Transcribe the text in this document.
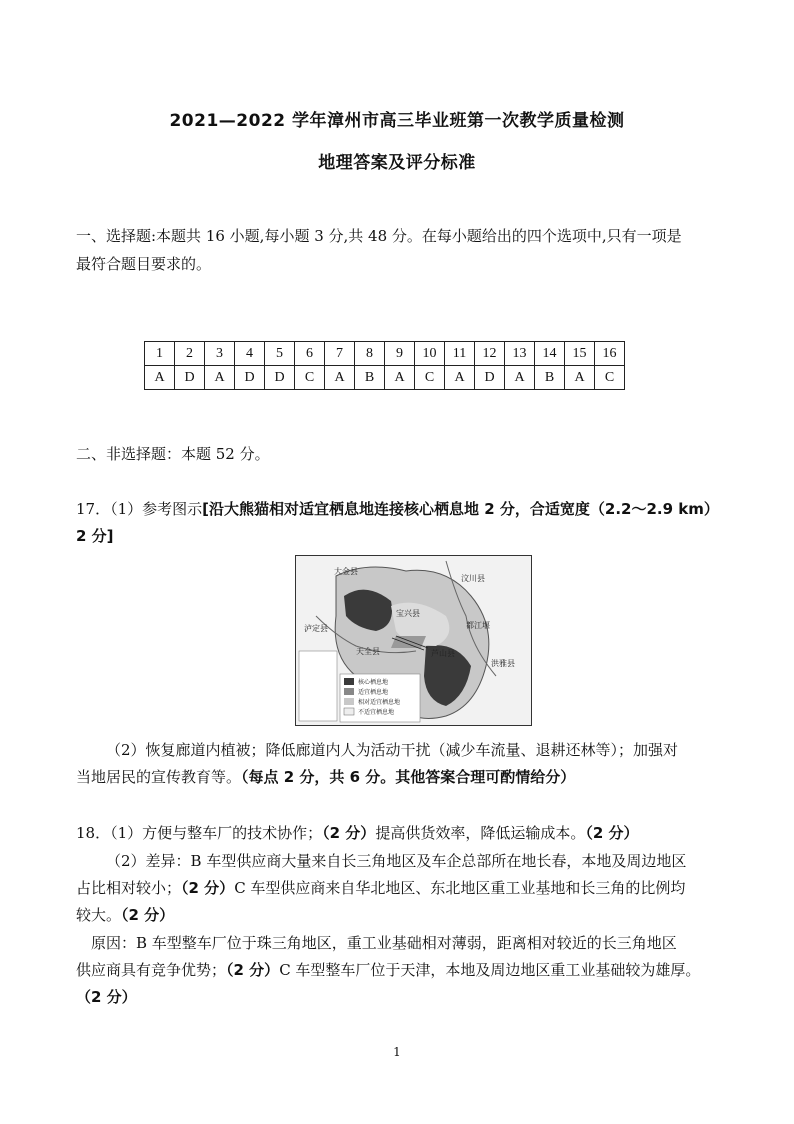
2021—2022 学年漳州市高三毕业班第一次教学质量检测
地理答案及评分标准
一、选择题:本题共 16 小题,每小题 3 分,共 48 分。在每小题给出的四个选项中,只有一项是
最符合题目要求的。
1	2	3	4	5	6	7	8	9	10	11	12	13	14	15	16
A	D	A	D	D	C	A	B	A	C	A	D	A	B	A	C
二、非选择题：本题 52 分。
17．（1）参考图示[沿大熊猫相对适宜栖息地连接核心栖息地 2 分，合适宽度（2.2～2.9 km）
2 分]
大金县
汶川县
宝兴县
都江堰
泸定县
天全县	芦山县
洪雅县
核心栖息地
适宜栖息地
相对适宜栖息地
不适宜栖息地
（2）恢复廊道内植被；降低廊道内人为活动干扰（减少车流量、退耕还林等）；加强对
当地居民的宣传教育等。（每点 2 分，共 6 分。其他答案合理可酌情给分）
18．（1）方便与整车厂的技术协作；（2 分）提高供货效率，降低运输成本。（2 分）
（2）差异：B 车型供应商大量来自长三角地区及车企总部所在地长春，本地及周边地区
占比相对较小；（2 分）C 车型供应商来自华北地区、东北地区重工业基地和长三角的比例均
较大。（2 分）
原因：B 车型整车厂位于珠三角地区，重工业基础相对薄弱，距离相对较近的长三角地区
供应商具有竞争优势；（2 分）C 车型整车厂位于天津，本地及周边地区重工业基础较为雄厚。
（2 分）
1
